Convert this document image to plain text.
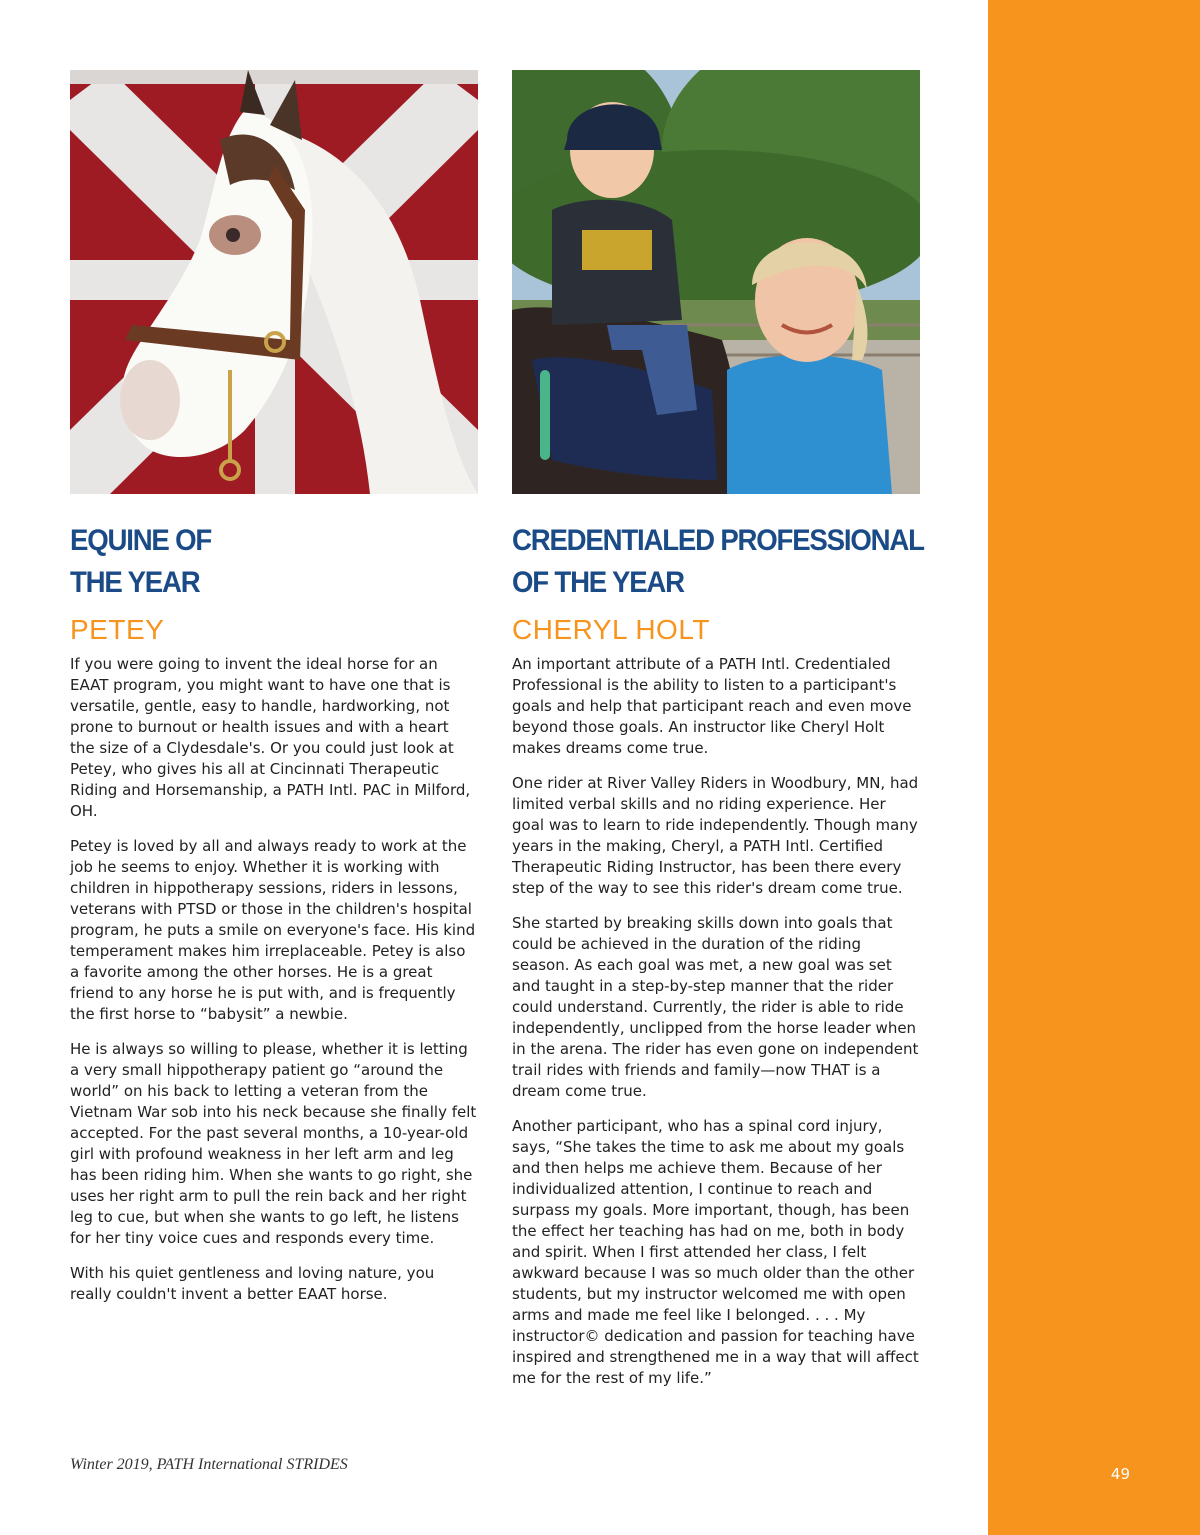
49
EQUINE OF
THE YEAR
PETEY

If you were going to invent the ideal horse for an EAAT program, you might want to have one that is versatile, gentle, easy to handle, hardworking, not prone to burnout or health issues and with a heart the size of a Clydesdale's. Or you could just look at Petey, who gives his all at Cincinnati Therapeutic Riding and Horsemanship, a PATH Intl. PAC in Milford, OH.

Petey is loved by all and always ready to work at the job he seems to enjoy. Whether it is working with children in hippotherapy sessions, riders in lessons, veterans with PTSD or those in the children's hospital program, he puts a smile on everyone's face. His kind temperament makes him irreplaceable. Petey is also a favorite among the other horses. He is a great friend to any horse he is put with, and is frequently the first horse to “babysit” a newbie.

He is always so willing to please, whether it is letting a very small hippotherapy patient go “around the world” on his back to letting a veteran from the Vietnam War sob into his neck because she finally felt accepted. For the past several months, a 10-year-old girl with profound weakness in her left arm and leg has been riding him. When she wants to go right, she uses her right arm to pull the rein back and her right leg to cue, but when she wants to go left, he listens for her tiny voice cues and responds every time.

With his quiet gentleness and loving nature, you really couldn't invent a better EAAT horse.

CREDENTIALED PROFESSIONAL
OF THE YEAR
CHERYL HOLT

An important attribute of a PATH Intl. Credentialed Professional is the ability to listen to a participant's goals and help that participant reach and even move beyond those goals. An instructor like Cheryl Holt makes dreams come true.

One rider at River Valley Riders in Woodbury, MN, had limited verbal skills and no riding experience. Her goal was to learn to ride independently. Though many years in the making, Cheryl, a PATH Intl. Certified Therapeutic Riding Instructor, has been there every step of the way to see this rider's dream come true.

She started by breaking skills down into goals that could be achieved in the duration of the riding season. As each goal was met, a new goal was set and taught in a step-by-step manner that the rider could understand. Currently, the rider is able to ride independently, unclipped from the horse leader when in the arena. The rider has even gone on independent trail rides with friends and family—now THAT is a dream come true.

Another participant, who has a spinal cord injury, says, “She takes the time to ask me about my goals and then helps me achieve them. Because of her individualized attention, I continue to reach and surpass my goals. More important, though, has been the effect her teaching has had on me, both in body and spirit. When I first attended her class, I felt awkward because I was so much older than the other students, but my instructor welcomed me with open arms and made me feel like I belonged. . . . My instructor© dedication and passion for teaching have inspired and strengthened me in a way that will affect me for the rest of my life.”

Winter 2019, PATH International STRIDES
